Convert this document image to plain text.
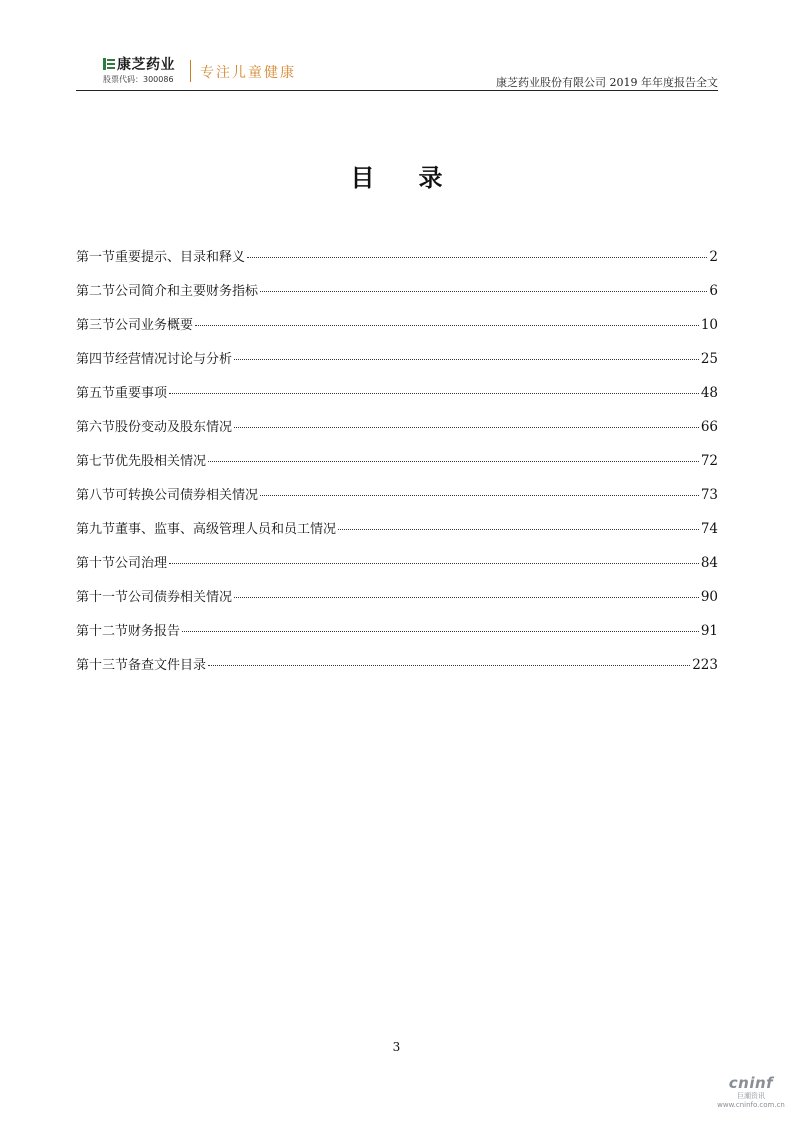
康芝药业
股票代码：300086 专注儿童健康
康芝药业股份有限公司 2019 年年度报告全文
目录
第一节重要提示、目录和释义	2
第二节公司简介和主要财务指标	6
第三节公司业务概要	10
第四节经营情况讨论与分析	25
第五节重要事项	48
第六节股份变动及股东情况	66
第七节优先股相关情况	72
第八节可转换公司债券相关情况	73
第九节董事、监事、高级管理人员和员工情况	74
第十节公司治理	84
第十一节公司债券相关情况	90
第十二节财务报告	91
第十三节备查文件目录	223
3
cninf
巨潮资讯
www.cninfo.com.cn
